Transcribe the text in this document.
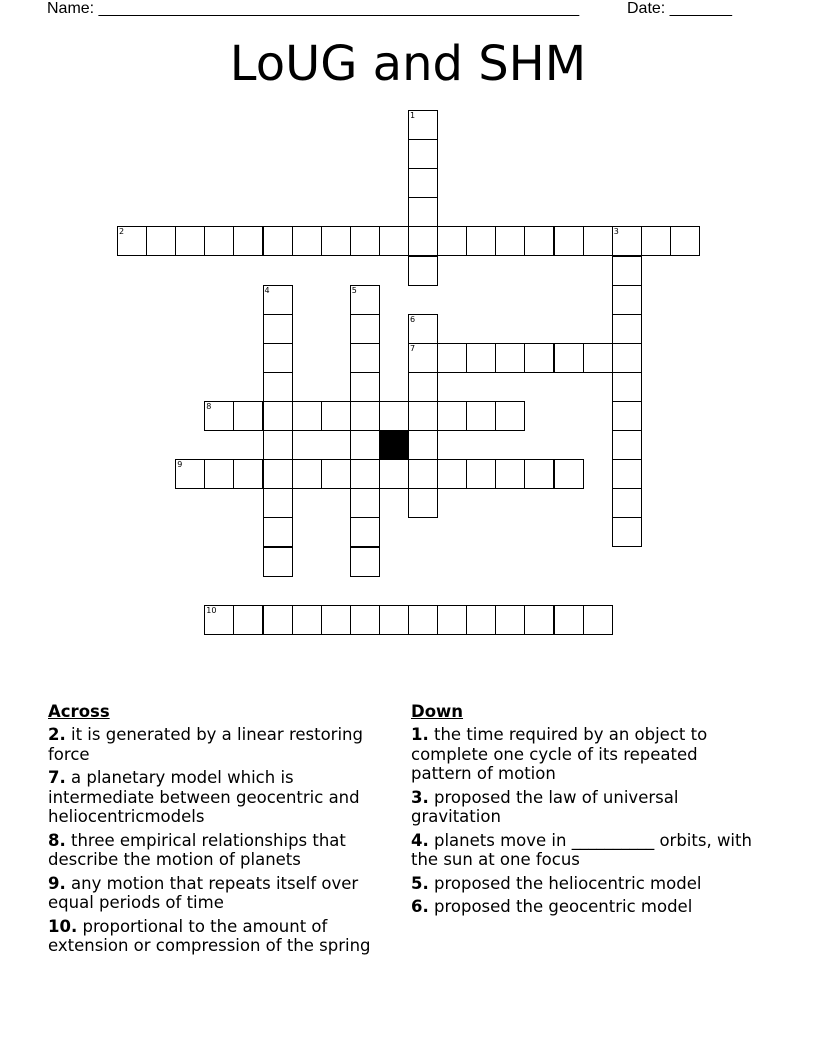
Name: ______________________________________________________	Date: _______
LoUG and SHM
1
2	3
4	5
6
7
8
9
10
Across
2. it is generated by a linear restoring force
7. a planetary model which is intermediate between geocentric and heliocentricmodels
8. three empirical relationships that describe the motion of planets
9. any motion that repeats itself over equal periods of time
10. proportional to the amount of extension or compression of the spring
Down
1. the time required by an object to complete one cycle of its repeated pattern of motion
3. proposed the law of universal gravitation
4. planets move in __________ orbits, with the sun at one focus
5. proposed the heliocentric model
6. proposed the geocentric model
